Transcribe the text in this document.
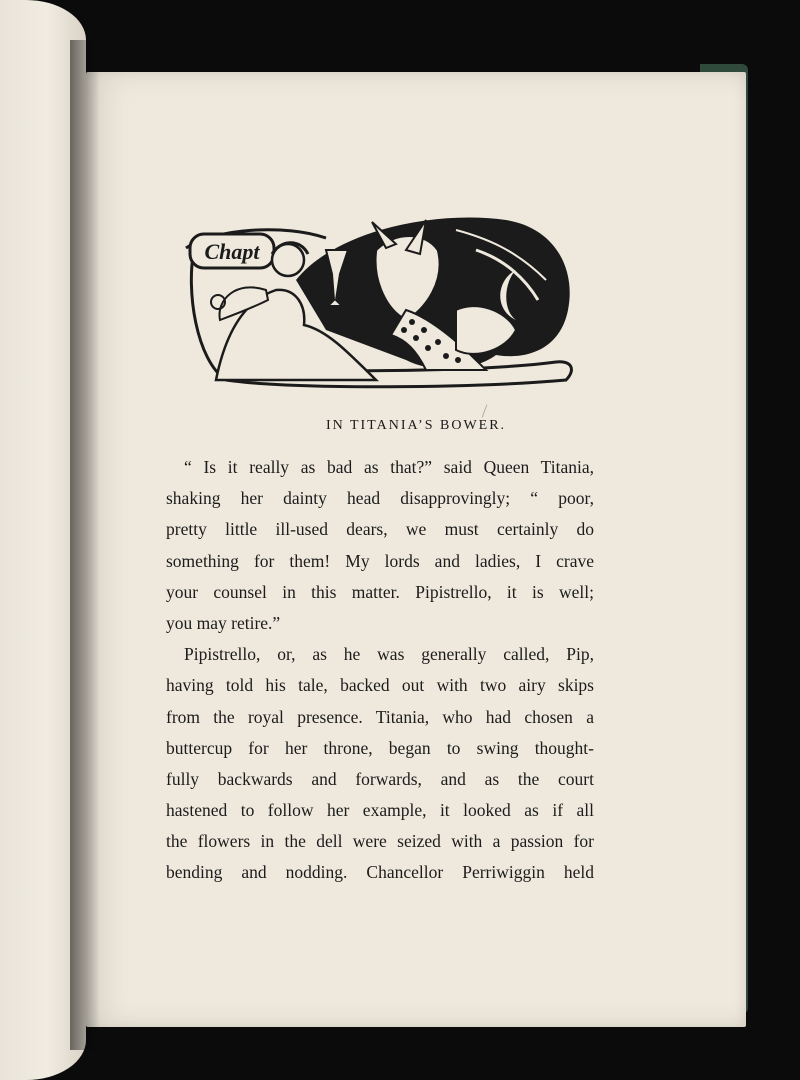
Chapt
IN TITANIA’S BOWER.
⟋
“ Is it really as bad as that?” said Queen Titania,
shaking her dainty head disapprovingly; “ poor,
pretty little ill-used dears, we must certainly do
something for them! My lords and ladies, I crave
your counsel in this matter. Pipistrello, it is well;
you may retire.”
Pipistrello, or, as he was generally called, Pip,
having told his tale, backed out with two airy skips
from the royal presence. Titania, who had chosen a
buttercup for her throne, began to swing thought-
fully backwards and forwards, and as the court
hastened to follow her example, it looked as if all
the flowers in the dell were seized with a passion for
bending and nodding. Chancellor Perriwiggin held
